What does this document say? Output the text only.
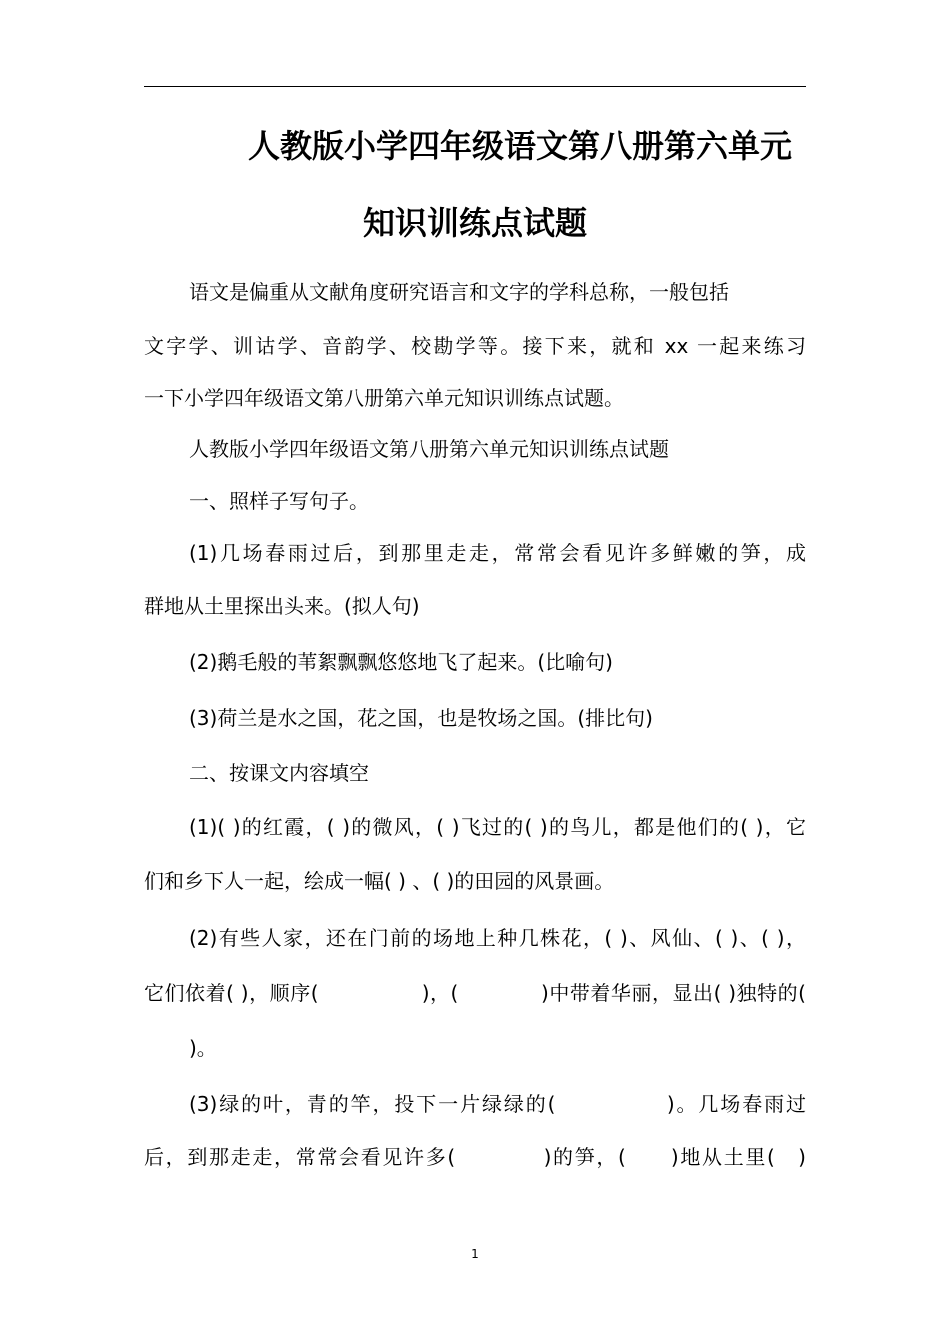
人教版小学四年级语文第八册第六单元
知识训练点试题
语文是偏重从文献角度研究语言和文字的学科总称，一般包括
文字学、训诂学、音韵学、校勘学等。接下来，就和 xx 一起来练习
一下小学四年级语文第八册第六单元知识训练点试题。
人教版小学四年级语文第八册第六单元知识训练点试题
一、照样子写句子。
(1)几场春雨过后，到那里走走，常常会看见许多鲜嫩的笋，成
群地从土里探出头来。(拟人句)
(2)鹅毛般的苇絮飘飘悠悠地飞了起来。(比喻句)
(3)荷兰是水之国，花之国，也是牧场之国。(排比句)
二、按课文内容填空
(1)( )的红霞，( )的微风，( )飞过的( )的鸟儿，都是他们的( )，它
们和乡下人一起，绘成一幅( ) 、( )的田园的风景画。
(2)有些人家，还在门前的场地上种几株花，( )、风仙、( )、( )，
它们依着( )，顺序(　　　　　)，(　　　　)中带着华丽，显出( )独特的(
)。
(3)绿的叶，青的竿，投下一片绿绿的(　　　　　)。几场春雨过
后，到那走走，常常会看见许多(　　　　)的笋，(　　)地从土里(　)
1
